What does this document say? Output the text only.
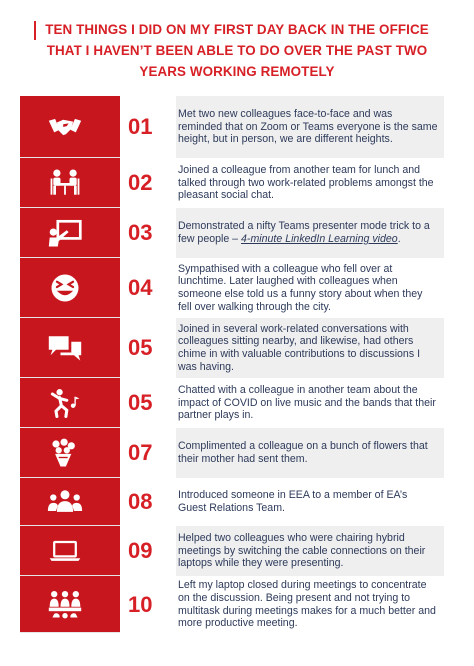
TEN THINGS I DID ON MY FIRST DAY BACK IN THE OFFICE THAT I HAVEN’T BEEN ABLE TO DO OVER THE PAST TWO YEARS WORKING REMOTELY
01 Met two new colleagues face-to-face and was reminded that on Zoom or Teams everyone is the same height, but in person, we are different heights.
02 Joined a colleague from another team for lunch and talked through two work-related problems amongst the pleasant social chat.
03 Demonstrated a nifty Teams presenter mode trick to a few people – 4-minute LinkedIn Learning video.
04
Sympathised with a colleague who fell over at lunchtime. Later laughed with colleagues when someone else told us a funny story about when they fell over walking through the city.
05
Joined in several work-related conversations with colleagues sitting nearby, and likewise, had others chime in with valuable contributions to discussions I was having.
05 Chatted with a colleague in another team about the impact of COVID on live music and the bands that their partner plays in.
07 Complimented a colleague on a bunch of flowers that their mother had sent them.
08 Introduced someone in EEA to a member of EA’s Guest Relations Team.
09 Helped two colleagues who were chairing hybrid meetings by switching the cable connections on their laptops while they were presenting.
10
Left my laptop closed during meetings to concentrate on the discussion. Being present and not trying to multitask during meetings makes for a much better and more productive meeting.
